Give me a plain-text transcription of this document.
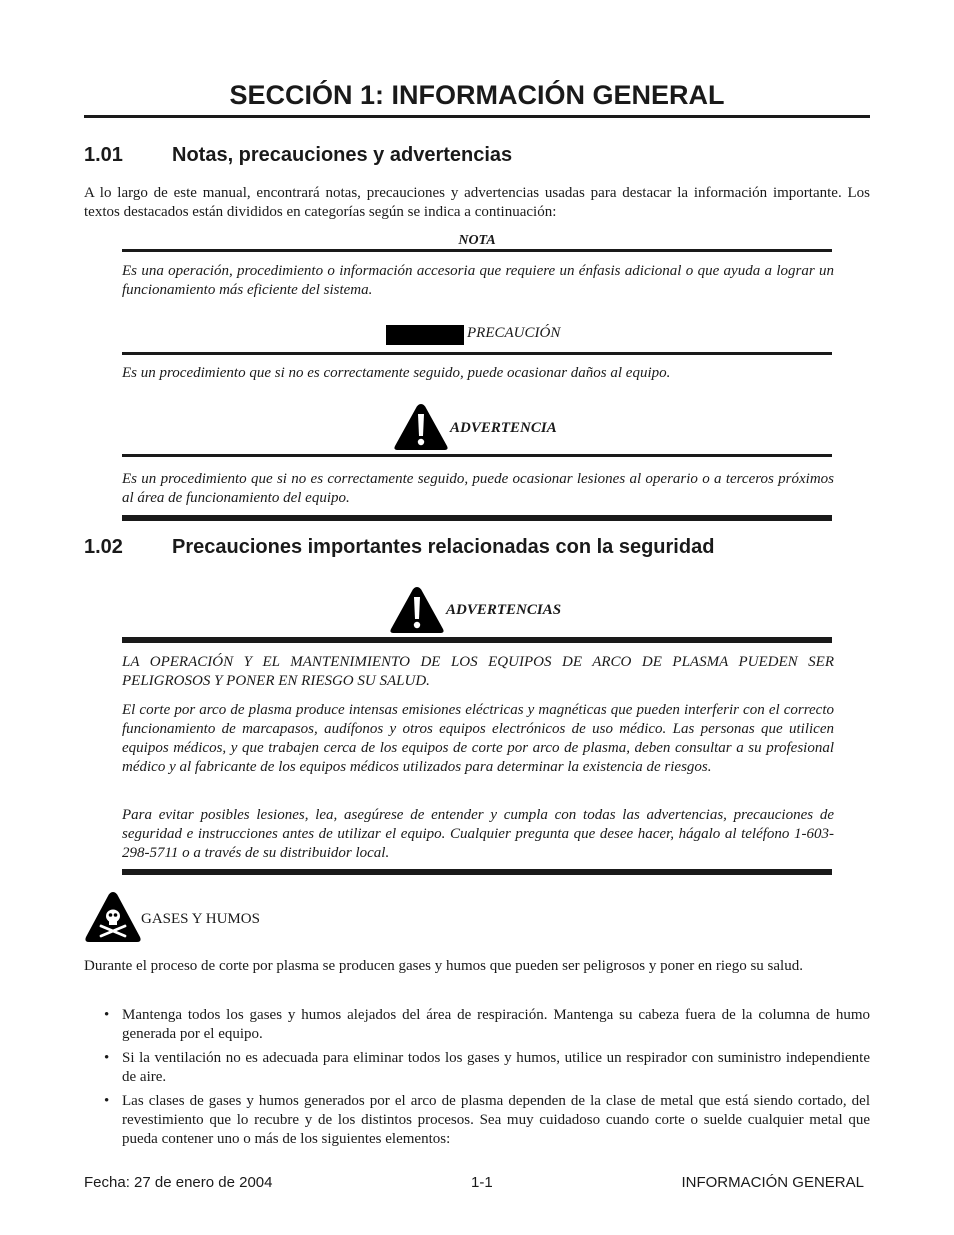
SECCIÓN 1: INFORMACIÓN GENERAL
1.01 Notas, precauciones y advertencias
A lo largo de este manual, encontrará notas, precauciones y advertencias usadas para destacar la información importante. Los textos destacados están divididos en categorías según se indica a continuación:
NOTA
Es una operación, procedimiento o información accesoria que requiere un énfasis adicional o que ayuda a lograr un funcionamiento más eficiente del sistema.
PRECAUCIÓN
Es un procedimiento que si no es correctamente seguido, puede ocasionar daños al equipo.
ADVERTENCIA
Es un procedimiento que si no es correctamente seguido, puede ocasionar lesiones al operario o a terceros próximos al área de funcionamiento del equipo.
1.02 Precauciones importantes relacionadas con la seguridad
ADVERTENCIAS
LA OPERACIÓN Y EL MANTENIMIENTO DE LOS EQUIPOS DE ARCO DE PLASMA PUEDEN SER PELIGROSOS Y PONER EN RIESGO SU SALUD.
El corte por arco de plasma produce intensas emisiones eléctricas y magnéticas que pueden interferir con el correcto funcionamiento de marcapasos, audífonos y otros equipos electrónicos de uso médico. Las personas que utilicen equipos médicos, y que trabajen cerca de los equipos de corte por arco de plasma, deben consultar a su profesional médico y al fabricante de los equipos médicos utilizados para determinar la existencia de riesgos.
Para evitar posibles lesiones, lea, asegúrese de entender y cumpla con todas las advertencias, precauciones de seguridad e instrucciones antes de utilizar el equipo. Cualquier pregunta que desee hacer, hágalo al teléfono 1-603-298-5711 o a través de su distribuidor local.
GASES Y HUMOS
Durante el proceso de corte por plasma se producen gases y humos que pueden ser peligrosos y poner en riego su salud.
• Mantenga todos los gases y humos alejados del área de respiración. Mantenga su cabeza fuera de la columna de humo generada por el equipo.
• Si la ventilación no es adecuada para eliminar todos los gases y humos, utilice un respirador con suministro independiente de aire.
• Las clases de gases y humos generados por el arco de plasma dependen de la clase de metal que está siendo cortado, del revestimiento que lo recubre y de los distintos procesos. Sea muy cuidadoso cuando corte o suelde cualquier metal que pueda contener uno o más de los siguientes elementos:
Fecha: 27 de enero de 2004	1-1	INFORMACIÓN GENERAL
